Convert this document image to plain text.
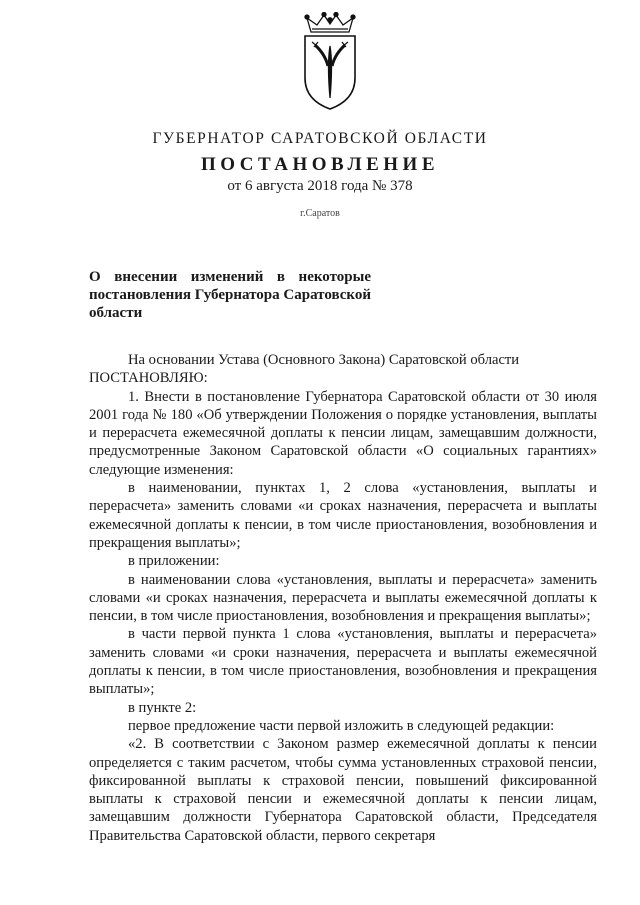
ГУБЕРНАТОР САРАТОВСКОЙ ОБЛАСТИ
ПОСТАНОВЛЕНИЕ
от 6 августа 2018 года № 378
г.Саратов
О внесении изменений в некоторые постановления Губернатора Саратовской области

На основании Устава (Основного Закона) Саратовской области

ПОСТАНОВЛЯЮ:

1. Внести в постановление Губернатора Саратовской области от 30 июля 2001 года № 180 «Об утверждении Положения о порядке установления, выплаты и перерасчета ежемесячной доплаты к пенсии лицам, замещавшим должности, предусмотренные Законом Саратовской области «О социальных гарантиях» следующие изменения:

в наименовании, пунктах 1, 2 слова «установления, выплаты и перерасчета» заменить словами «и сроках назначения, перерасчета и выплаты ежемесячной доплаты к пенсии, в том числе приостановления, возобновления и прекращения выплаты»;

в приложении:

в наименовании слова «установления, выплаты и перерасчета» заменить словами «и сроках назначения, перерасчета и выплаты ежемесячной доплаты к пенсии, в том числе приостановления, возобновления и прекращения выплаты»;

в части первой пункта 1 слова «установления, выплаты и перерасчета» заменить словами «и сроки назначения, перерасчета и выплаты ежемесячной доплаты к пенсии, в том числе приостановления, возобновления и прекращения выплаты»;

в пункте 2:

первое предложение части первой изложить в следующей редакции:

«2. В соответствии с Законом размер ежемесячной доплаты к пенсии определяется с таким расчетом, чтобы сумма установленных страховой пенсии, фиксированной выплаты к страховой пенсии, повышений фиксированной выплаты к страховой пенсии и ежемесячной доплаты к пенсии лицам, замещавшим должности Губернатора Саратовской области, Председателя Правительства Саратовской области, первого секретаря
